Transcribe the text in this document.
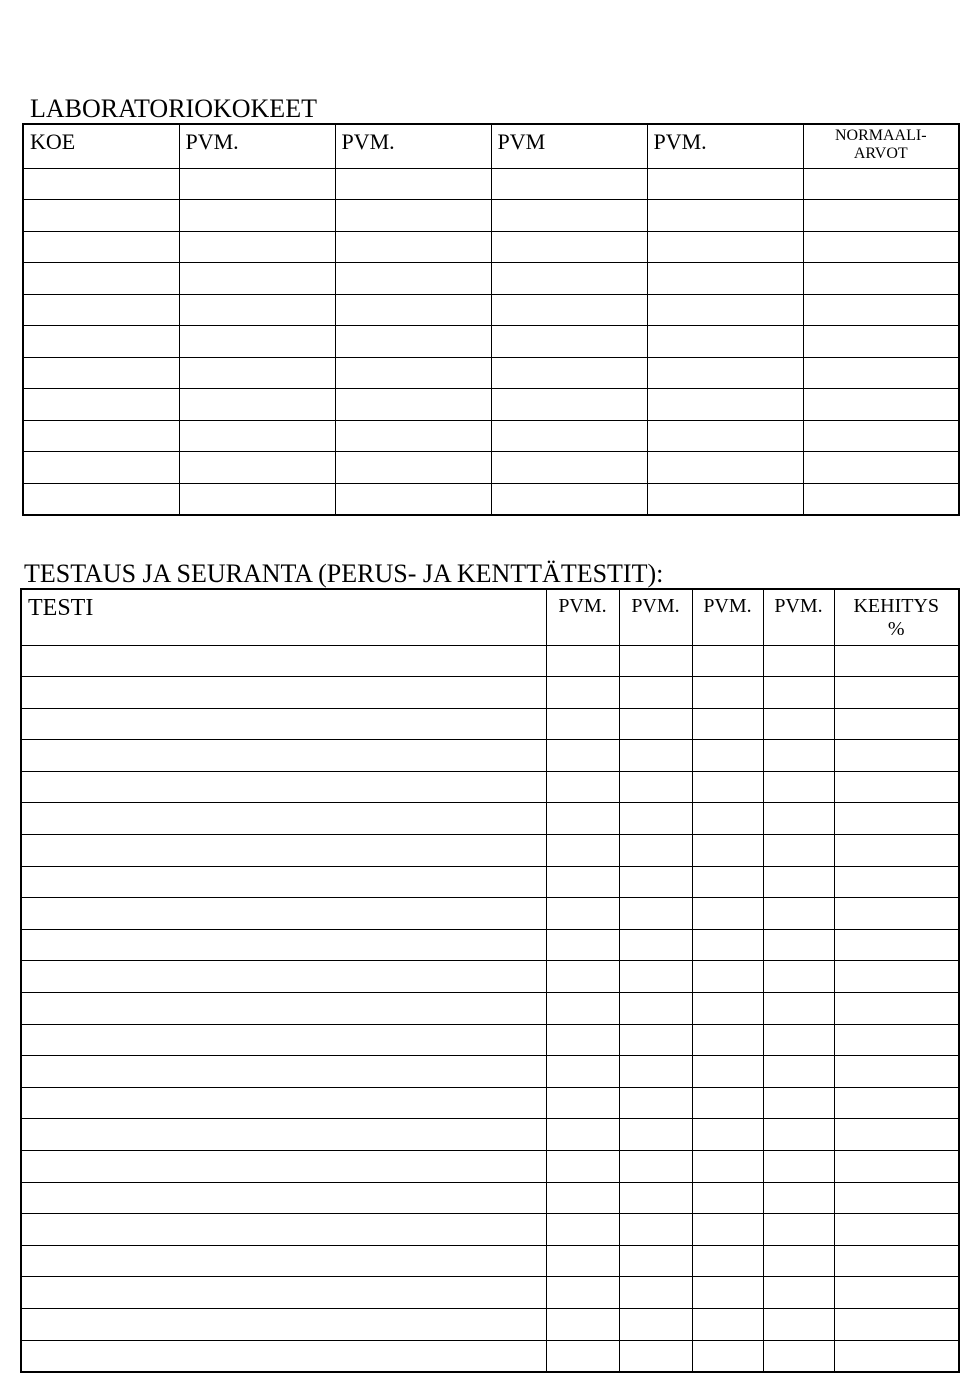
LABORATORIOKOKEET
KOE	PVM.	PVM.	PVM	PVM.	NORMAALI-
ARVOT

TESTAUS JA SEURANTA (PERUS- JA KENTTÄTESTIT):
TESTI	PVM.	PVM.	PVM.	PVM.	KEHITYS
%
